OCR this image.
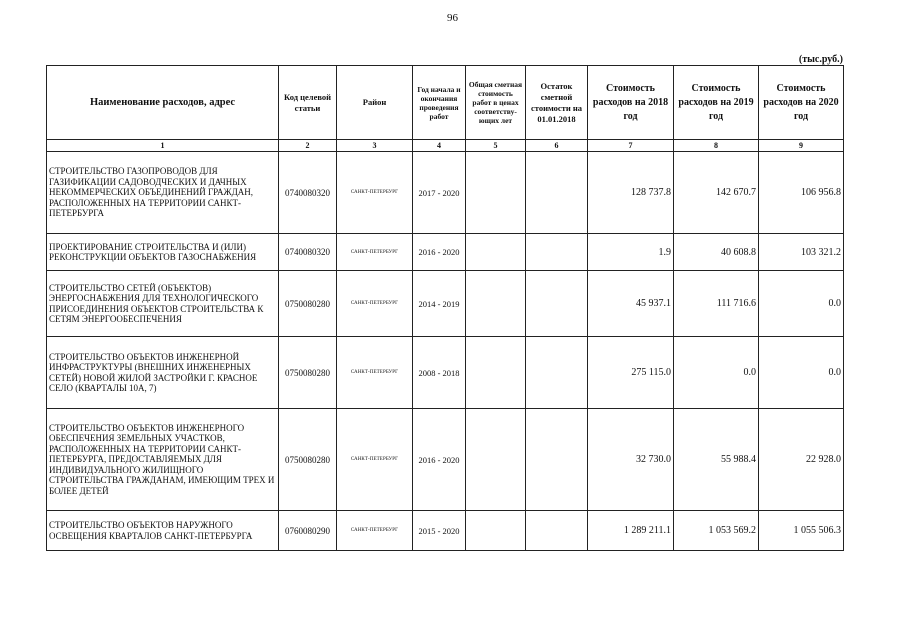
96
(тыс.руб.)
Наименование расходов, адрес	Код целевой статьи	Район	Год начала и окончания проведения работ	Общая сметная стоимость работ в ценах соответству-ющих лет	Остаток сметной стоимости на 01.01.2018	Стоимость расходов на 2018 год	Стоимость расходов на 2019 год	Стоимость расходов на 2020 год
1	2	3	4	5	6	7	8	9
СТРОИТЕЛЬСТВО ГАЗОПРОВОДОВ ДЛЯ ГАЗИФИКАЦИИ САДОВОДЧЕСКИХ И ДАЧНЫХ НЕКОММЕРЧЕСКИХ ОБЪЕДИНЕНИЙ ГРАЖДАН, РАСПОЛОЖЕННЫХ НА ТЕРРИТОРИИ САНКТ-ПЕТЕРБУРГА	0740080320	САНКТ-ПЕТЕРБУРГ	2017 - 2020			128 737.8	142 670.7	106 956.8
ПРОЕКТИРОВАНИЕ СТРОИТЕЛЬСТВА И (ИЛИ) РЕКОНСТРУКЦИИ ОБЪЕКТОВ ГАЗОСНАБЖЕНИЯ	0740080320	САНКТ-ПЕТЕРБУРГ	2016 - 2020			1.9	40 608.8	103 321.2
СТРОИТЕЛЬСТВО СЕТЕЙ (ОБЪЕКТОВ) ЭНЕРГОСНАБЖЕНИЯ ДЛЯ ТЕХНОЛОГИЧЕСКОГО ПРИСОЕДИНЕНИЯ ОБЪЕКТОВ СТРОИТЕЛЬСТВА К СЕТЯМ ЭНЕРГООБЕСПЕЧЕНИЯ	0750080280	САНКТ-ПЕТЕРБУРГ	2014 - 2019			45 937.1	111 716.6	0.0
СТРОИТЕЛЬСТВО ОБЪЕКТОВ ИНЖЕНЕРНОЙ ИНФРАСТРУКТУРЫ (ВНЕШНИХ ИНЖЕНЕРНЫХ СЕТЕЙ) НОВОЙ ЖИЛОЙ ЗАСТРОЙКИ Г. КРАСНОЕ СЕЛО (КВАРТАЛЫ 10А, 7)	0750080280	САНКТ-ПЕТЕРБУРГ	2008 - 2018			275 115.0	0.0	0.0
СТРОИТЕЛЬСТВО ОБЪЕКТОВ ИНЖЕНЕРНОГО ОБЕСПЕЧЕНИЯ ЗЕМЕЛЬНЫХ УЧАСТКОВ, РАСПОЛОЖЕННЫХ НА ТЕРРИТОРИИ САНКТ-ПЕТЕРБУРГА, ПРЕДОСТАВЛЯЕМЫХ ДЛЯ ИНДИВИДУАЛЬНОГО ЖИЛИЩНОГО СТРОИТЕЛЬСТВА ГРАЖДАНАМ, ИМЕЮЩИМ ТРЕХ И БОЛЕЕ ДЕТЕЙ	0750080280	САНКТ-ПЕТЕРБУРГ	2016 - 2020			32 730.0	55 988.4	22 928.0
СТРОИТЕЛЬСТВО ОБЪЕКТОВ НАРУЖНОГО ОСВЕЩЕНИЯ КВАРТАЛОВ САНКТ-ПЕТЕРБУРГА	0760080290	САНКТ-ПЕТЕРБУРГ	2015 - 2020			1 289 211.1	1 053 569.2	1 055 506.3
